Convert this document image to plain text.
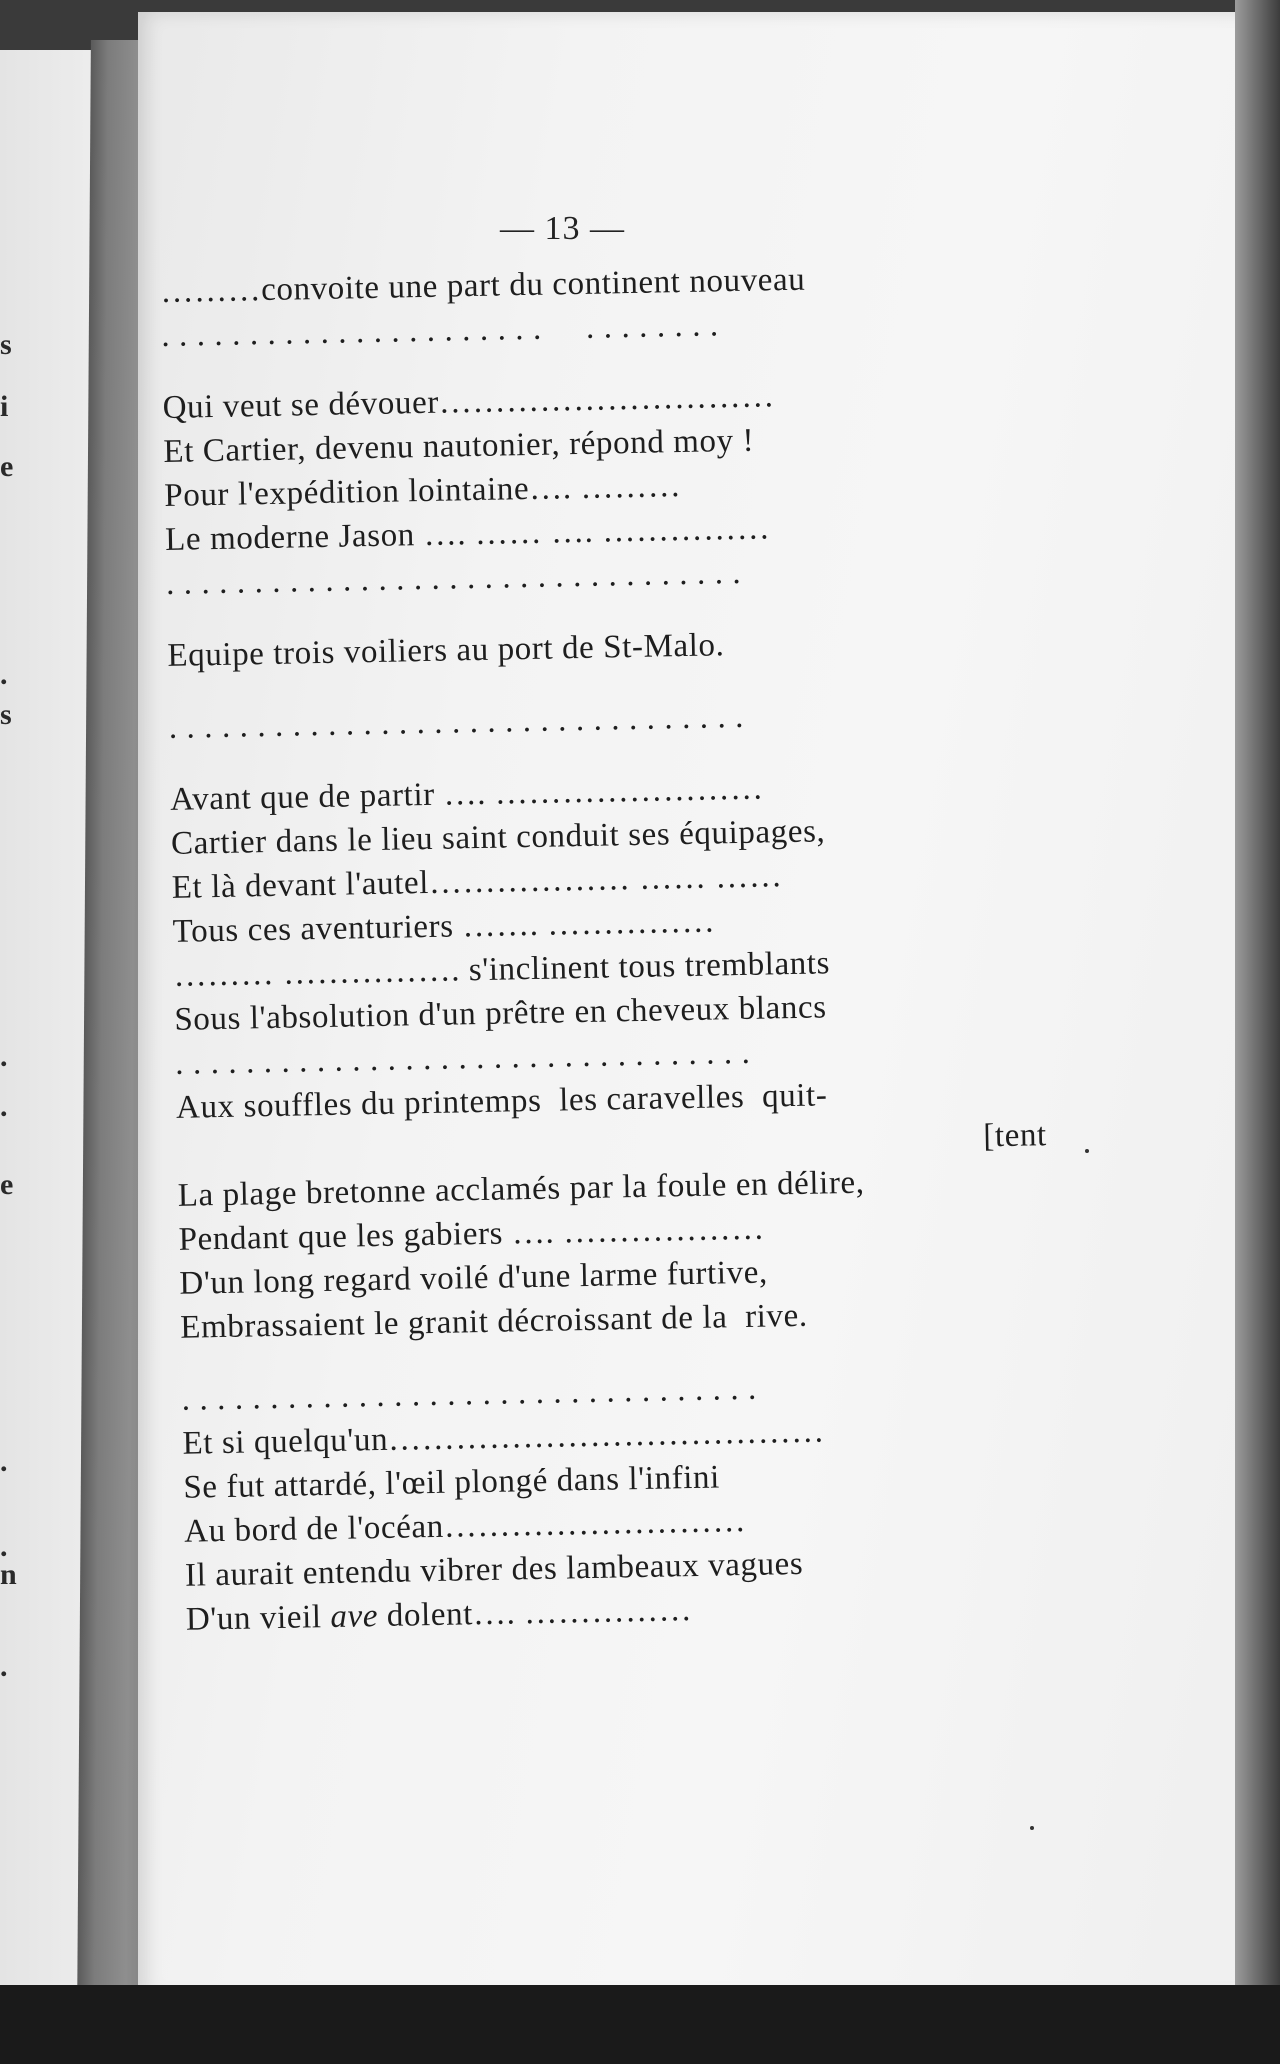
s
i
e
.
s
.
.
e
.
.
n
.
— 13 —
………convoite une part du continent nouveau
. . . . . . . . . . . . . . . . . . . . . .     . . . . . . . .
Qui veut se dévouer…………………………
Et Cartier, devenu nautonier, répond moy !
Pour l'expédition lointaine…. ………
Le moderne Jason …. …… …. ……………
. . . . . . . . . . . . . . . . . . . . . . . . . . . . . . . . .
Equipe trois voiliers au port de St-Malo.
. . . . . . . . . . . . . . . . . . . . . . . . . . . . . . . . .
Avant que de partir …. ……………………
Cartier dans le lieu saint conduit ses équipages,
Et là devant l'autel……………… …… ……
Tous ces aventuriers ……. ……………
……… ……………. s'inclinent tous tremblants
Sous l'absolution d'un prêtre en cheveux blancs
. . . . . . . . . . . . . . . . . . . . . . . . . . . . . . . . .
Aux souffles du printemps  les caravelles  quit-
[tent
La plage bretonne acclamés par la foule en délire,
Pendant que les gabiers …. ………………
D'un long regard voilé d'une larme furtive,
Embrassaient le granit décroissant de la  rive.
. . . . . . . . . . . . . . . . . . . . . . . . . . . . . . . . .
Et si quelqu'un…………………………………
Se fut attardé, l'œil plongé dans l'infini
Au bord de l'océan………………………
Il aurait entendu vibrer des lambeaux vagues
D'un vieil ave dolent…. ……………
